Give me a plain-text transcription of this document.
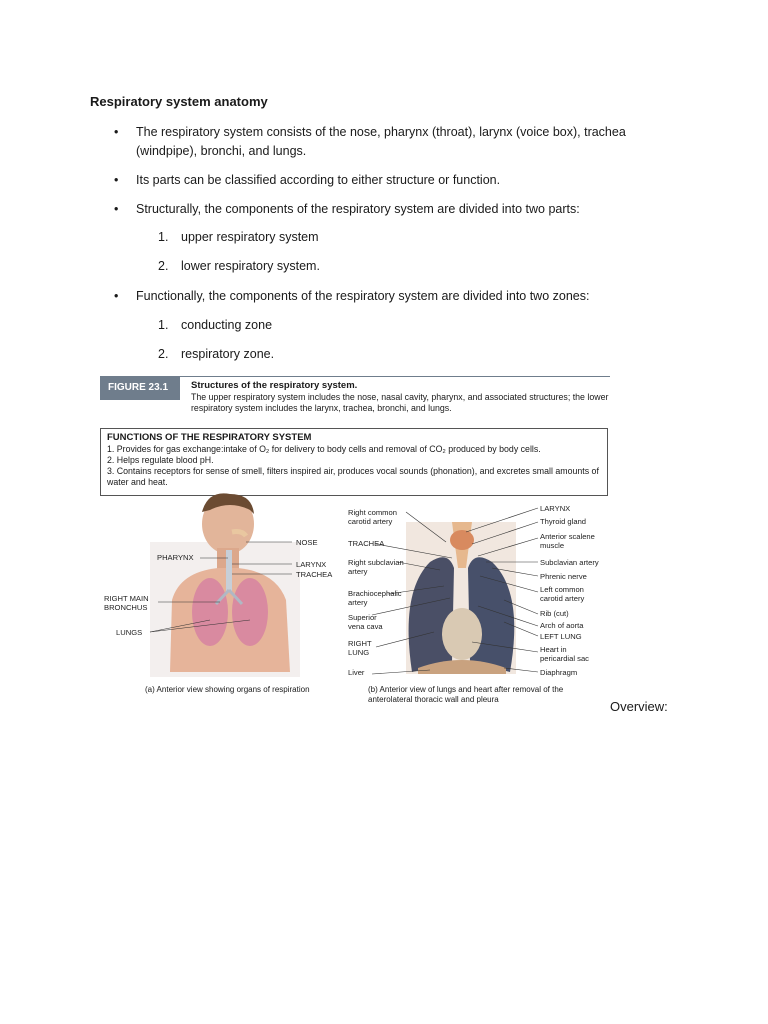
Respiratory system anatomy
• The respiratory system consists of the nose, pharynx (throat), larynx (voice box), trachea (windpipe), bronchi, and lungs.
• Its parts can be classified according to either structure or function.
• Structurally, the components of the respiratory system are divided into two parts:
1. upper respiratory system
2. lower respiratory system.
• Functionally, the components of the respiratory system are divided into two zones:
1. conducting zone
2. respiratory zone.
FIGURE 23.1	Structures of the respiratory system.
The upper respiratory system includes the nose, nasal cavity, pharynx, and associated structures; the lower respiratory system includes the larynx, trachea, bronchi, and lungs.
FUNCTIONS OF THE RESPIRATORY SYSTEM
1. Provides for gas exchange:intake of O₂ for delivery to body cells and removal of CO₂ produced by body cells.
2. Helps regulate blood pH.
3. Contains receptors for sense of smell, filters inspired air, produces vocal sounds (phonation), and excretes small amounts of water and heat.
NOSE
PHARYNX
LARYNX
TRACHEA
RIGHT MAIN
BRONCHUS
LUNGS
Right common
carotid artery
TRACHEA
Right subclavian
artery
Brachiocephalic
artery
Superior
vena cava
RIGHT
LUNG
Liver
LARYNX
Thyroid gland
Anterior scalene
muscle
Subclavian artery
Phrenic nerve
Left common
carotid artery
Rib (cut)
Arch of aorta
LEFT LUNG
Heart in
pericardial sac
Diaphragm
(a) Anterior view showing organs of respiration	(b) Anterior view of lungs and heart after removal of the anterolateral thoracic wall and pleura	Overview:
